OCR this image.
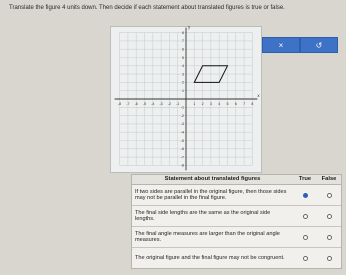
Translate the figure 4 units down. Then decide if each statement about translated figures is true or false.
-8
-8
-7
-7
-6
-6
-5
-5
-4
-4
-3
-3
-2
-2
-1
-1
1
1
2
2
3
3
4
4
5
5
6
6
7
7
8
8
x
y
×	↺
Statement about translated figures	True	False
If two sides are parallel in the original figure, then those sides may not be parallel in the final figure.
The final side lengths are the same as the original side lengths.
The final angle measures are larger than the original angle measures.
The original figure and the final figure may not be congruent.
